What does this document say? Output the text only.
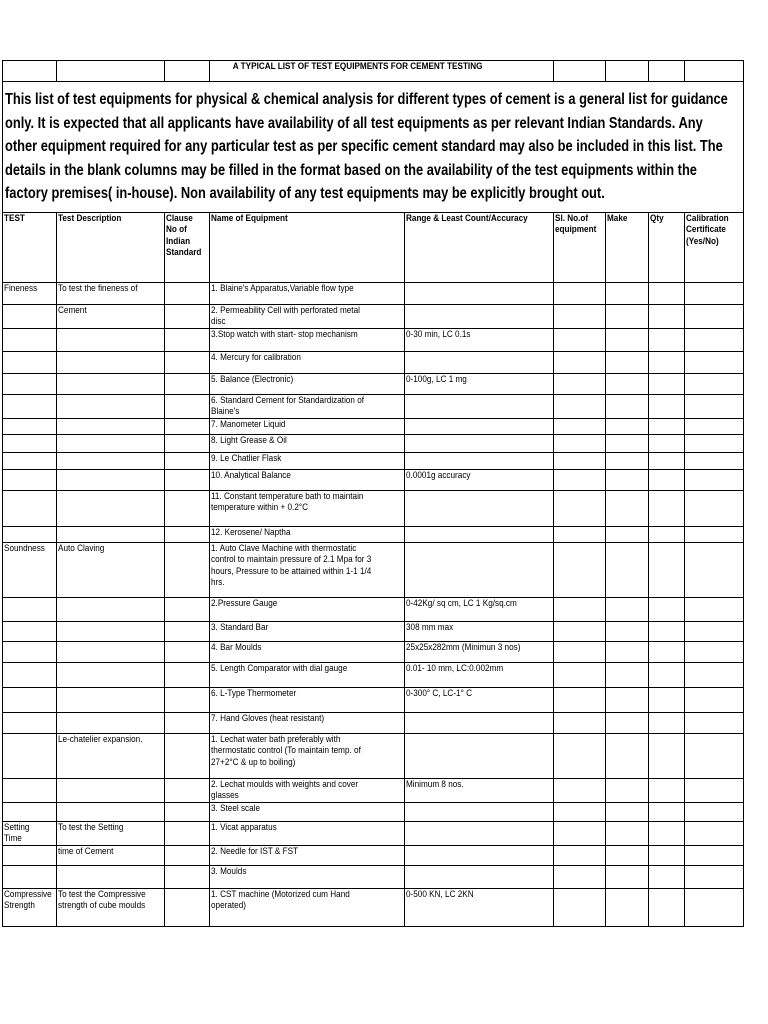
			A TYPICAL LIST OF TEST EQUIPMENTS FOR CEMENT TESTING					

This list of test equipments for physical & chemical analysis for different types of cement is a general list for guidance only. It is expected that all applicants have availability of all test equipments as per relevant Indian Standards. Any other equipment required for any particular test as per specific cement standard may also be included in this list. The details in the blank columns may be filled in the format based on the availability of the test equipments within the factory premises( in-house). Non availability of any test equipments may be explicitly brought out.								

TEST	Test Description	Clause No of Indian Standard	Name of Equipment	Range & Least Count/Accuracy	Sl. No.of equipment	Make	Qty	Calibration Certificate (Yes/No)

Fineness	To test the fineness of		1. Blaine's Apparatus,Variable flow type					

	Cement		2. Permeability Cell with perforated metal disc					

			3.Stop watch with start- stop mechanism	0-30 min, LC 0.1s				

			4. Mercury for calibration					

			5. Balance (Electronic)	0-100g, LC 1 mg				

			6. Standard Cement for Standardization of Blaine's					

			7. Manometer Liquid					

			8. Light Grease & Oil					

			9. Le Chatlier Flask					

			10. Analytical Balance	0.0001g accuracy				

			11. Constant temperature bath to maintain temperature within + 0.2°C					

			12. Kerosene/ Naptha					

Soundness	Auto Claving		1. Auto Clave Machine with thermostatic control to maintain pressure of 2.1 Mpa for 3 hours, Pressure to be attained within 1-1 1/4 hrs.					

			2.Pressure Gauge	0-42Kg/ sq cm, LC 1 Kg/sq.cm				

			3. Standard Bar	308 mm max				

			4. Bar Moulds	25x25x282mm (Minimun 3 nos)				

			5. Length Comparator with dial gauge	0.01- 10 mm, LC:0.002mm				

			6. L-Type Thermometer	0-300° C, LC-1° C				

			7. Hand Gloves (heat resistant)					

	Le-chatelier expansion.		1. Lechat water bath preferably with thermostatic control (To maintain temp. of 27+2°C & up to boiling)					

			2. Lechat moulds with weights and cover glasses	Minimum 8 nos.				

			3. Steel scale					

Setting Time	To test the Setting		1. Vicat apparatus					

	time of Cement		2. Needle for IST & FST					

			3. Moulds					

Compressive Strength	To test the Compressive strength of cube moulds		1. CST machine (Motorized cum Hand operated)	0-500 KN, LC 2KN				
